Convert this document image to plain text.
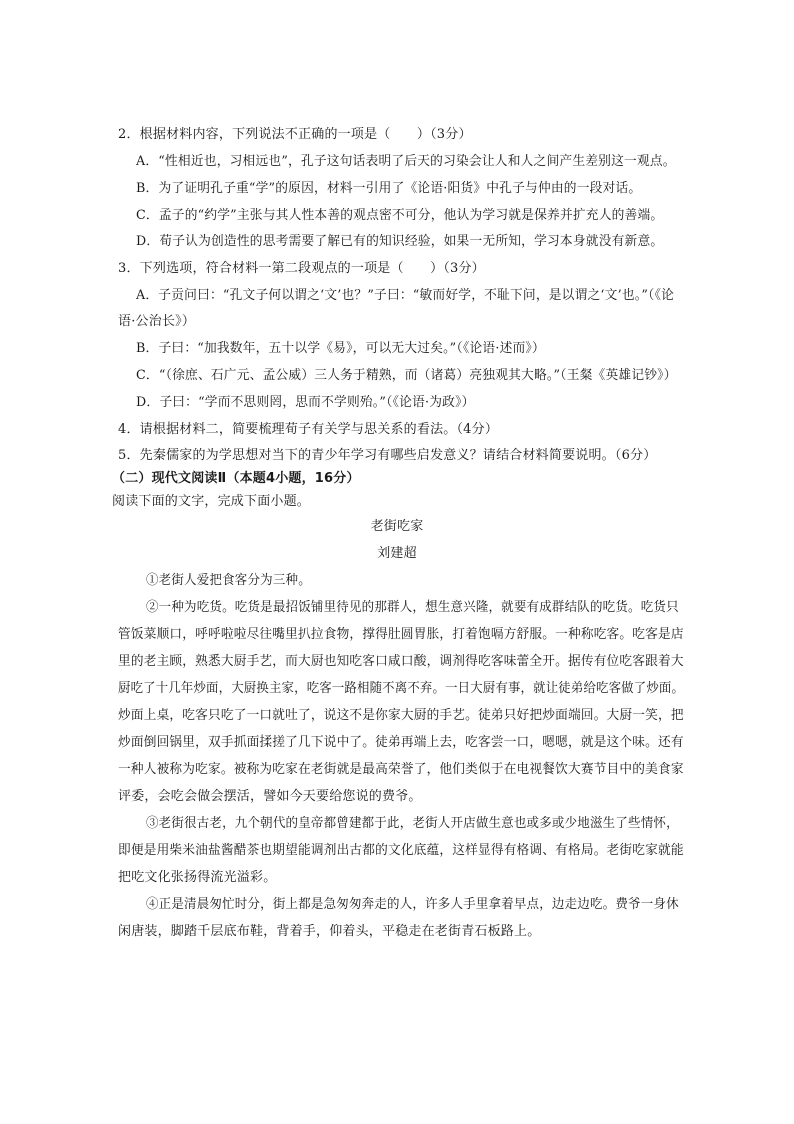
2．根据材料内容，下列说法不正确的一项是（　　）（3分）
A．“性相近也，习相远也”，孔子这句话表明了后天的习染会让人和人之间产生差别这一观点。
B．为了证明孔子重“学”的原因，材料一引用了《论语·阳货》中孔子与仲由的一段对话。
C．孟子的“约学”主张与其人性本善的观点密不可分，他认为学习就是保养并扩充人的善端。
D．荀子认为创造性的思考需要了解已有的知识经验，如果一无所知，学习本身就没有新意。
3．下列选项，符合材料一第二段观点的一项是（　　）（3分）
A．子贡问曰：“孔文子何以谓之‘文’也？”子曰：“敏而好学，不耻下问，是以谓之‘文’也。”（《论
语·公治长》）
B．子曰：“加我数年，五十以学《易》，可以无大过矣。”（《论语·述而》）
C．“（徐庶、石广元、孟公威）三人务于精熟，而（诸葛）亮独观其大略。”（王粲《英雄记钞》）
D．子曰：“学而不思则罔，思而不学则殆。”（《论语·为政》）
4．请根据材料二，简要梳理荀子有关学与思关系的看法。（4分）
5．先秦儒家的为学思想对当下的青少年学习有哪些启发意义？请结合材料简要说明。（6分）
（二）现代文阅读Ⅱ（本题4小题，16分）
阅读下面的文字，完成下面小题。
老街吃家
刘建超
①老街人爱把食客分为三种。
②一种为吃货。吃货是最招饭铺里待见的那群人，想生意兴隆，就要有成群结队的吃货。吃货只
管饭菜顺口，呼呼啦啦尽往嘴里扒拉食物，撑得肚圆胃胀，打着饱嗝方舒服。一种称吃客。吃客是店
里的老主顾，熟悉大厨手艺，而大厨也知吃客口咸口酸，调剂得吃客味蕾全开。据传有位吃客跟着大
厨吃了十几年炒面，大厨换主家，吃客一路相随不离不弃。一日大厨有事，就让徒弟给吃客做了炒面。
炒面上桌，吃客只吃了一口就吐了，说这不是你家大厨的手艺。徒弟只好把炒面端回。大厨一笑，把
炒面倒回锅里，双手抓面揉搓了几下说中了。徒弟再端上去，吃客尝一口，嗯嗯，就是这个味。还有
一种人被称为吃家。被称为吃家在老街就是最高荣誉了，他们类似于在电视餐饮大赛节目中的美食家
评委，会吃会做会摆活，譬如今天要给您说的费爷。
③老街很古老，九个朝代的皇帝都曾建都于此，老街人开店做生意也或多或少地滋生了些情怀，
即便是用柴米油盐酱醋茶也期望能调剂出古都的文化底蕴，这样显得有格调、有格局。老街吃家就能
把吃文化张扬得流光溢彩。
④正是清晨匆忙时分，街上都是急匆匆奔走的人，许多人手里拿着早点，边走边吃。费爷一身休
闲唐装，脚踏千层底布鞋，背着手，仰着头，平稳走在老街青石板路上。
